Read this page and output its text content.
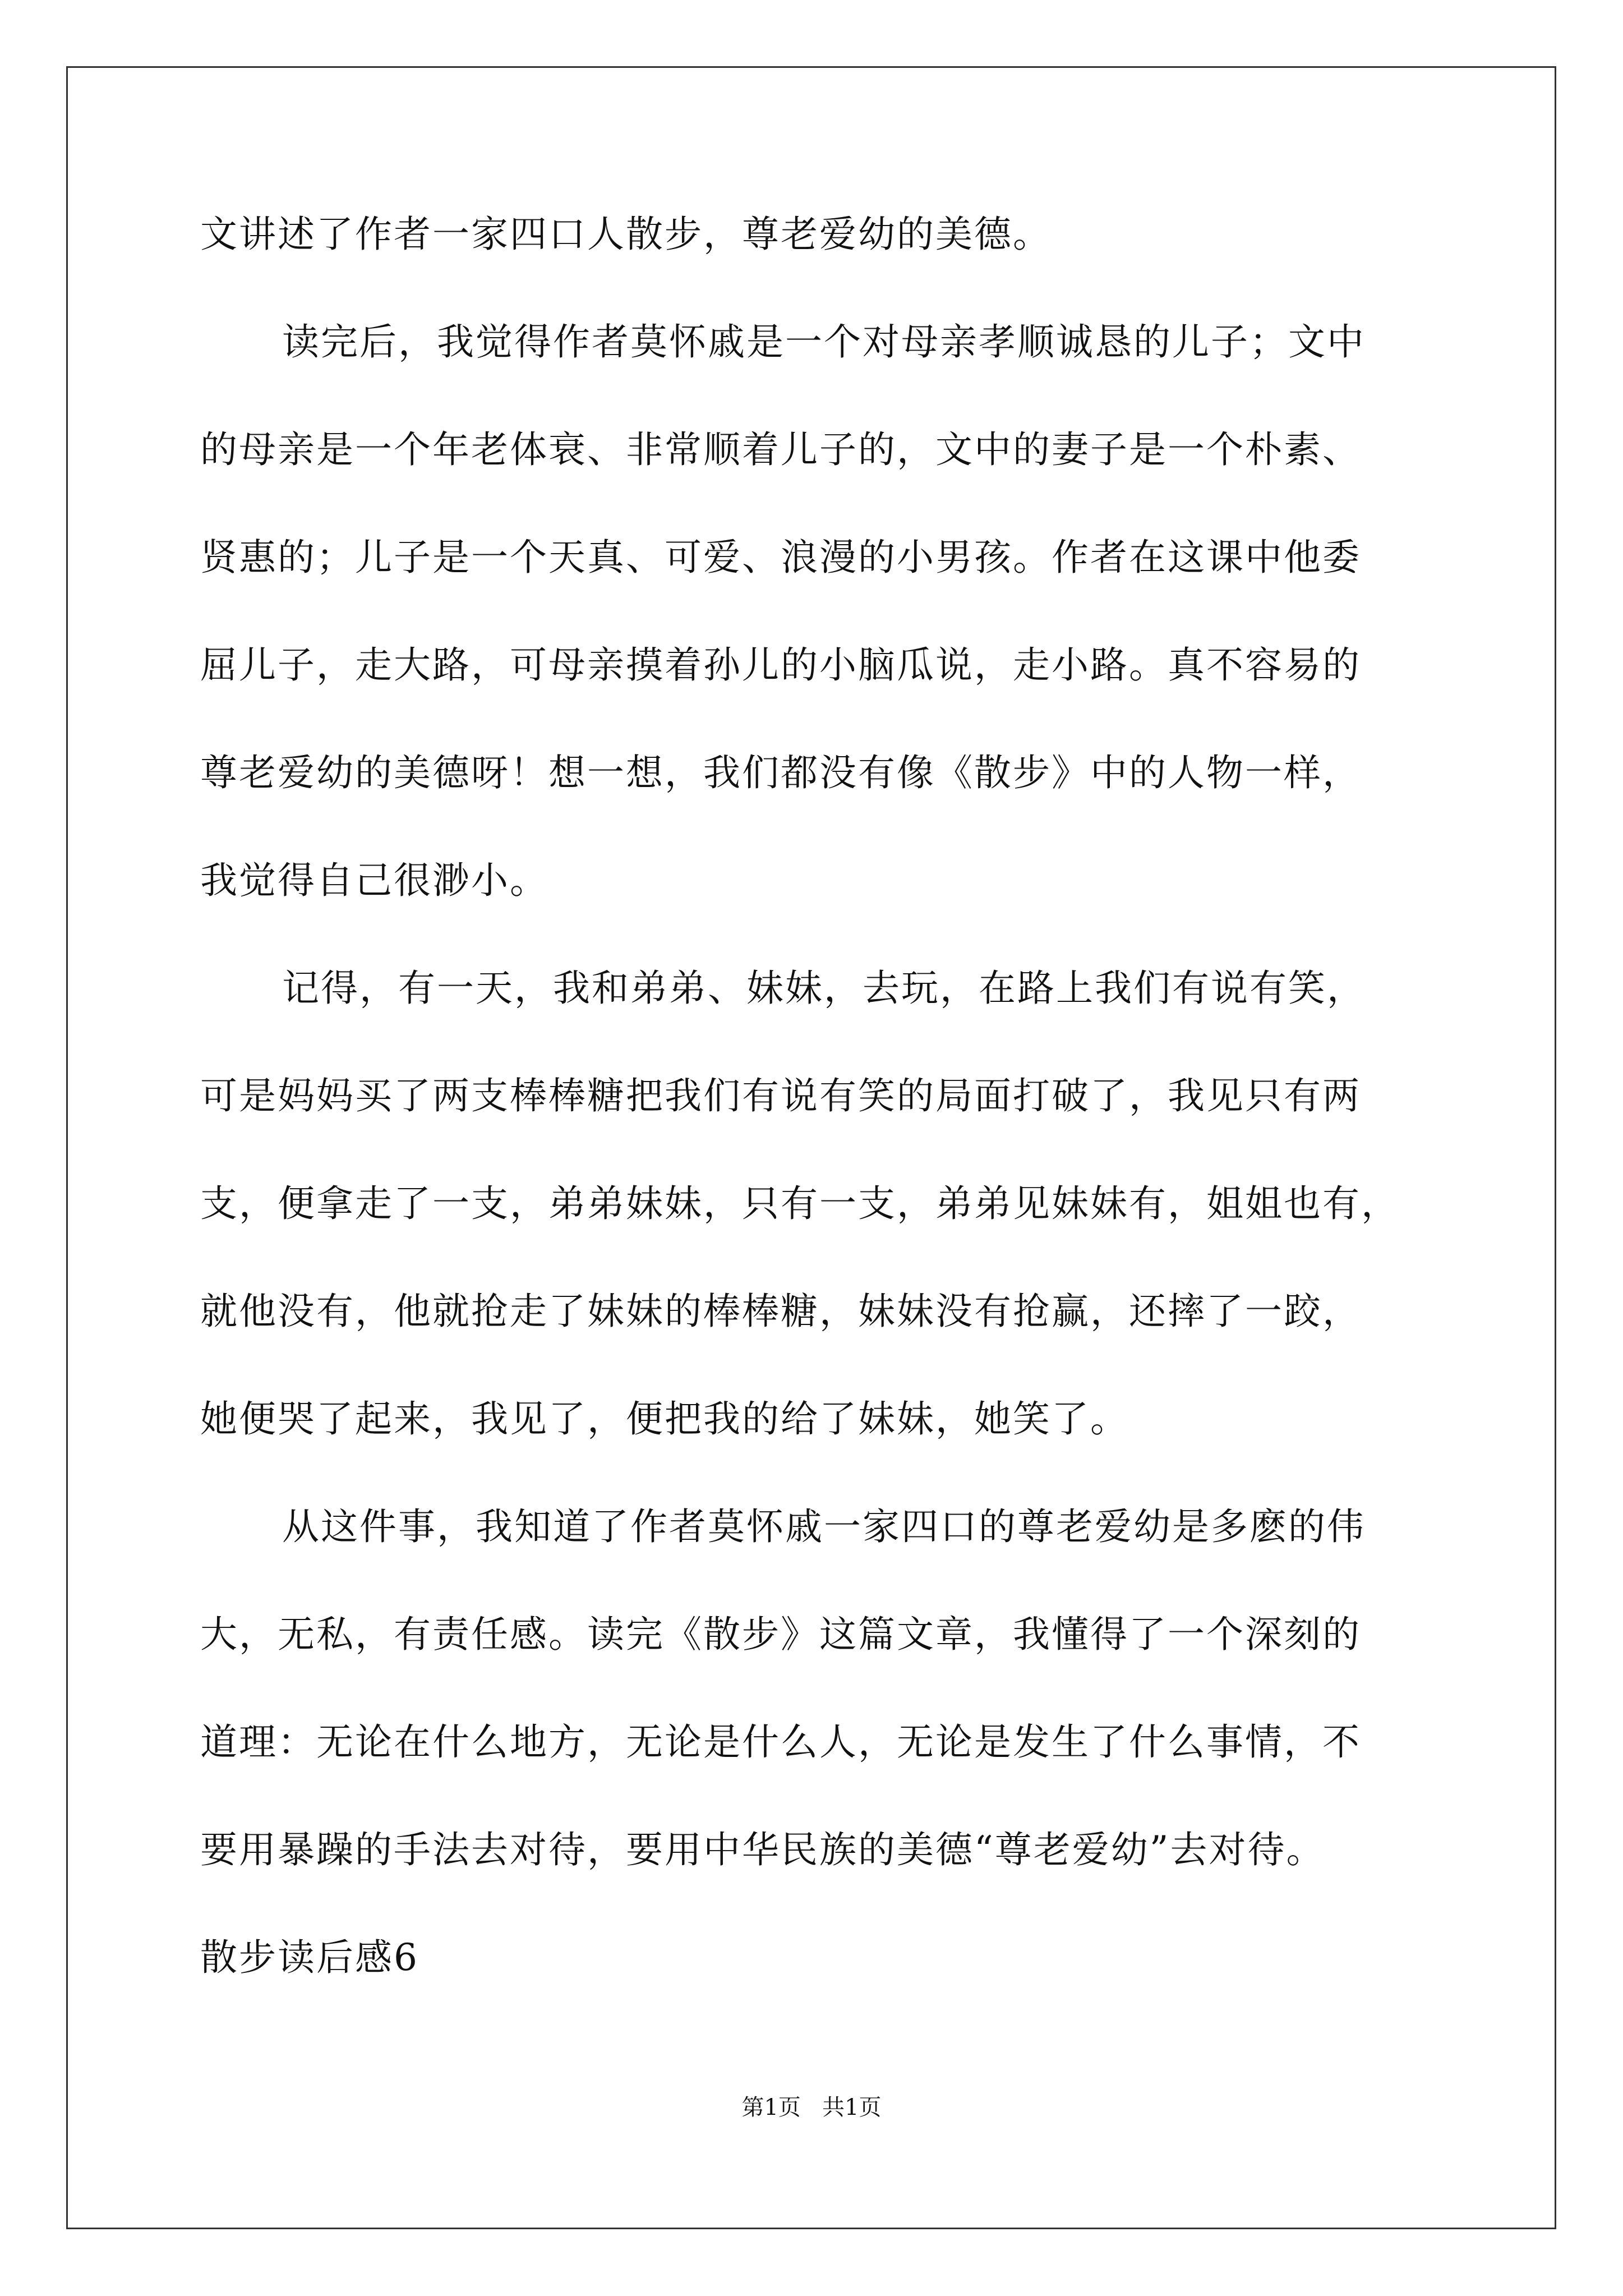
文讲述了作者一家四口人散步，尊老爱幼的美德。
读完后，我觉得作者莫怀戚是一个对母亲孝顺诚恳的儿子；文中
的母亲是一个年老体衰、非常顺着儿子的，文中的妻子是一个朴素、
贤惠的；儿子是一个天真、可爱、浪漫的小男孩。作者在这课中他委
屈儿子，走大路，可母亲摸着孙儿的小脑瓜说，走小路。真不容易的
尊老爱幼的美德呀！想一想，我们都没有像《散步》中的人物一样，
我觉得自己很渺小。
记得，有一天，我和弟弟、妹妹，去玩，在路上我们有说有笑，
可是妈妈买了两支棒棒糖把我们有说有笑的局面打破了，我见只有两
支，便拿走了一支，弟弟妹妹，只有一支，弟弟见妹妹有，姐姐也有，
就他没有，他就抢走了妹妹的棒棒糖，妹妹没有抢赢，还摔了一跤，
她便哭了起来，我见了，便把我的给了妹妹，她笑了。
从这件事，我知道了作者莫怀戚一家四口的尊老爱幼是多麽的伟
大，无私，有责任感。读完《散步》这篇文章，我懂得了一个深刻的
道理：无论在什么地方，无论是什么人，无论是发生了什么事情，不
要用暴躁的手法去对待，要用中华民族的美德“尊老爱幼”去对待。
散步读后感6
第1页   共1页
